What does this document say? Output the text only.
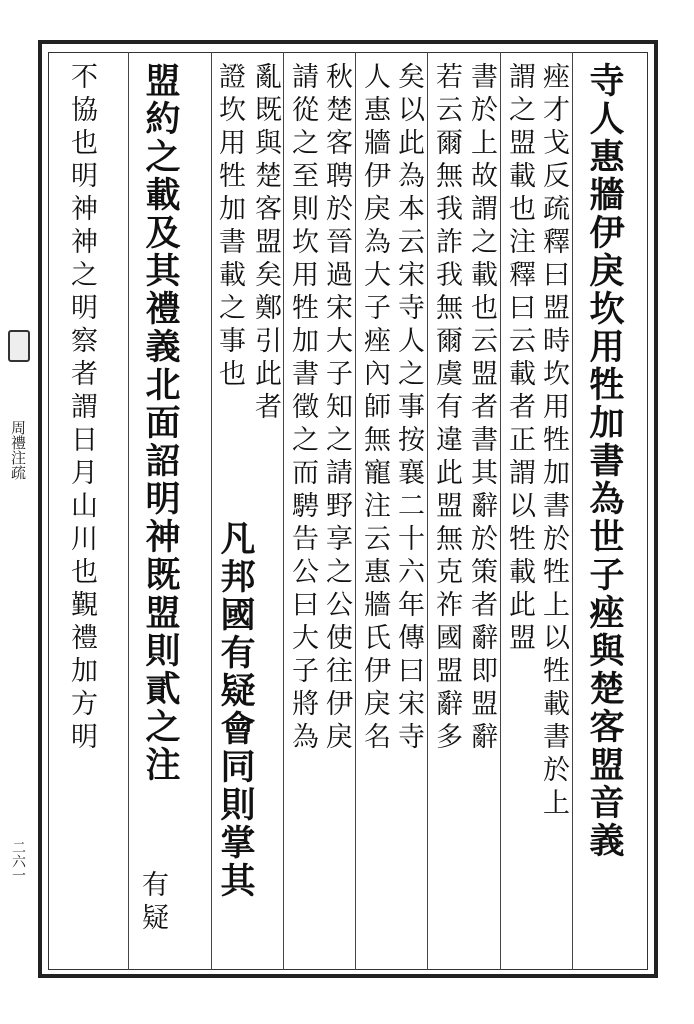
周禮注疏
二六一
寺人惠牆伊戾坎用牲加書為世子痤與楚客盟音義
痤才戈反疏釋曰盟時坎用牲加書於牲上以牲載書於上
謂之盟載也注釋曰云載者正謂以牲載此盟
書於上故謂之載也云盟者書其辭於策者辭即盟辭
若云爾無我詐我無爾虞有違此盟無克祚國盟辭多
矣以此為本云宋寺人之事按襄二十六年傳曰宋寺
人惠牆伊戾為大子痤內師無寵注云惠牆氏伊戾名
秋楚客聘於晉過宋大子知之請野享之公使往伊戾
請從之至則坎用牲加書徵之而騁告公曰大子將為
亂既與楚客盟矣鄭引此者
凡邦國有疑會同則掌其
證坎用牲加書載之事也
盟約之載及其禮義北面詔明神既盟則貳之注
有疑
不協也明神神之明察者謂日月山川也覲禮加方明
